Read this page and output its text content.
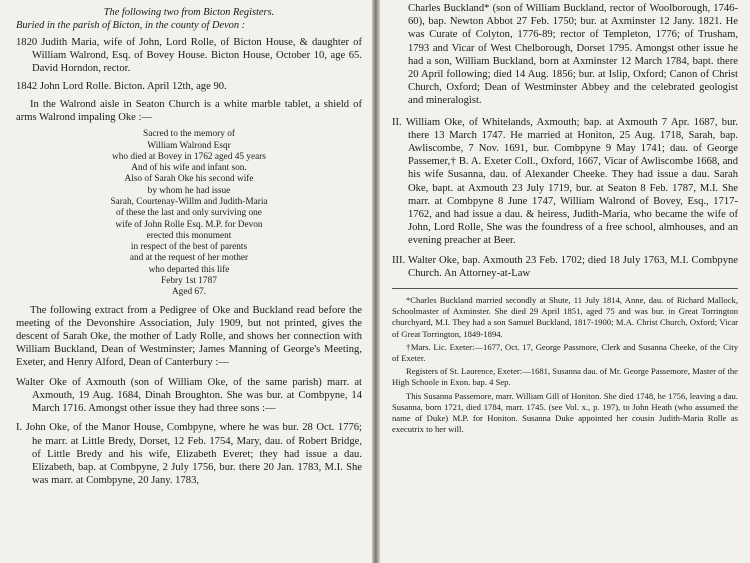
The following two from Bicton Registers.

Buried in the parish of Bicton, in the county of Devon :

1820 Judith Maria, wife of John, Lord Rolle, of Bicton House, & daughter of William Walrond, Esq. of Bovey House. Bicton House, October 10, age 65. David Horndon, rector.

1842 John Lord Rolle. Bicton. April 12th, age 90.

In the Walrond aisle in Seaton Church is a white marble tablet, a shield of arms Walrond impaling Oke :—

Sacred to the memory of
William Walrond Esqr
who died at Bovey in 1762 aged 45 years
And of his wife and infant son.
Also of Sarah Oke his second wife
by whom he had issue
Sarah, Courtenay-Willm and Judith-Maria
of these the last and only surviving one
wife of John Rolle Esq. M.P. for Devon
erected this monument
in respect of the best of parents
and at the request of her mother
who departed this life
Febry 1st 1787
Aged 67.

The following extract from a Pedigree of Oke and Buckland read before the meeting of the Devonshire Association, July 1909, but not printed, gives the descent of Sarah Oke, the mother of Lady Rolle, and shows her connection with William Buckland, Dean of Westminster; James Manning of George's Meeting, Exeter, and Henry Alford, Dean of Canterbury :—

Walter Oke of Axmouth (son of William Oke, of the same parish) marr. at Axmouth, 19 Aug. 1684, Dinah Broughton. She was bur. at Combpyne, 14 March 1716. Amongst other issue they had three sons :—

I. John Oke, of the Manor House, Combpyne, where he was bur. 28 Oct. 1776; he marr. at Little Bredy, Dorset, 12 Feb. 1754, Mary, dau. of Robert Bridge, of Little Bredy and his wife, Elizabeth Everet; they had issue a dau. Elizabeth, bap. at Combpyne, 2 July 1756, bur. there 20 Jan. 1783, M.I. She was marr. at Combpyne, 20 Jany. 1783,

Charles Buckland* (son of William Buckland, rector of Woolborough, 1746-60), bap. Newton Abbot 27 Feb. 1750; bur. at Axminster 12 Jany. 1821. He was Curate of Colyton, 1776-89; rector of Templeton, 1776; of Trusham, 1793 and Vicar of West Chelborough, Dorset 1795. Amongst other issue he had a son, William Buckland, born at Axminster 12 March 1784, bapt. there 20 April following; died 14 Aug. 1856; bur. at Islip, Oxford; Canon of Christ Church, Oxford; Dean of Westminster Abbey and the celebrated geologist and mineralogist.

II. William Oke, of Whitelands, Axmouth; bap. at Axmouth 7 Apr. 1687, bur. there 13 March 1747. He married at Honiton, 25 Aug. 1718, Sarah, bap. Awliscombe, 7 Nov. 1691, bur. Combpyne 9 May 1741; dau. of George Passemer,† B. A. Exeter Coll., Oxford, 1667, Vicar of Awliscombe 1668, and his wife Susanna, dau. of Alexander Cheeke. They had issue a dau. Sarah Oke, bapt. at Axmouth 23 July 1719, bur. at Seaton 8 Feb. 1787, M.I. She marr. at Combpyne 8 June 1747, William Walrond of Bovey, Esq., 1717-1762, and had issue a dau. & heiress, Judith-Maria, who became the wife of John, Lord Rolle, She was the foundress of a free school, almhouses, and an evening preacher at Beer.

III. Walter Oke, bap. Axmouth 23 Feb. 1702; died 18 July 1763, M.I. Combpyne Church. An Attorney-at-Law

*Charles Buckland married secondly at Shute, 11 July 1814, Anne, dau. of Richard Mallock, Schoolmaster of Axminster. She died 29 April 1851, aged 75 and was bur. in Great Torrington churchyard, M.I. They had a son Samuel Buckland, 1817-1900; M.A. Christ Church, Oxford; Vicar of Great Torrington, 1849-1894.

†Mars. Lic. Exeter:—1677, Oct. 17, George Passmore, Clerk and Susanna Cheeke, of the City of Exeter.

Registers of St. Laurence, Exeter:—1681, Susanna dau. of Mr. George Passemore, Master of the High Schoole in Exon. bap. 4 Sep.

This Susanna Passemore, marr. William Gill of Honiton. She died 1748, he 1756, leaving a dau. Susanna, born 1721, died 1784, marr. 1745. (see Vol. x., p. 197), to John Heath (who assumed the name of Duke) M.P. for Honiton. Susanna Duke appointed her cousin Judith-Maria Rolle as executrix to her will.
